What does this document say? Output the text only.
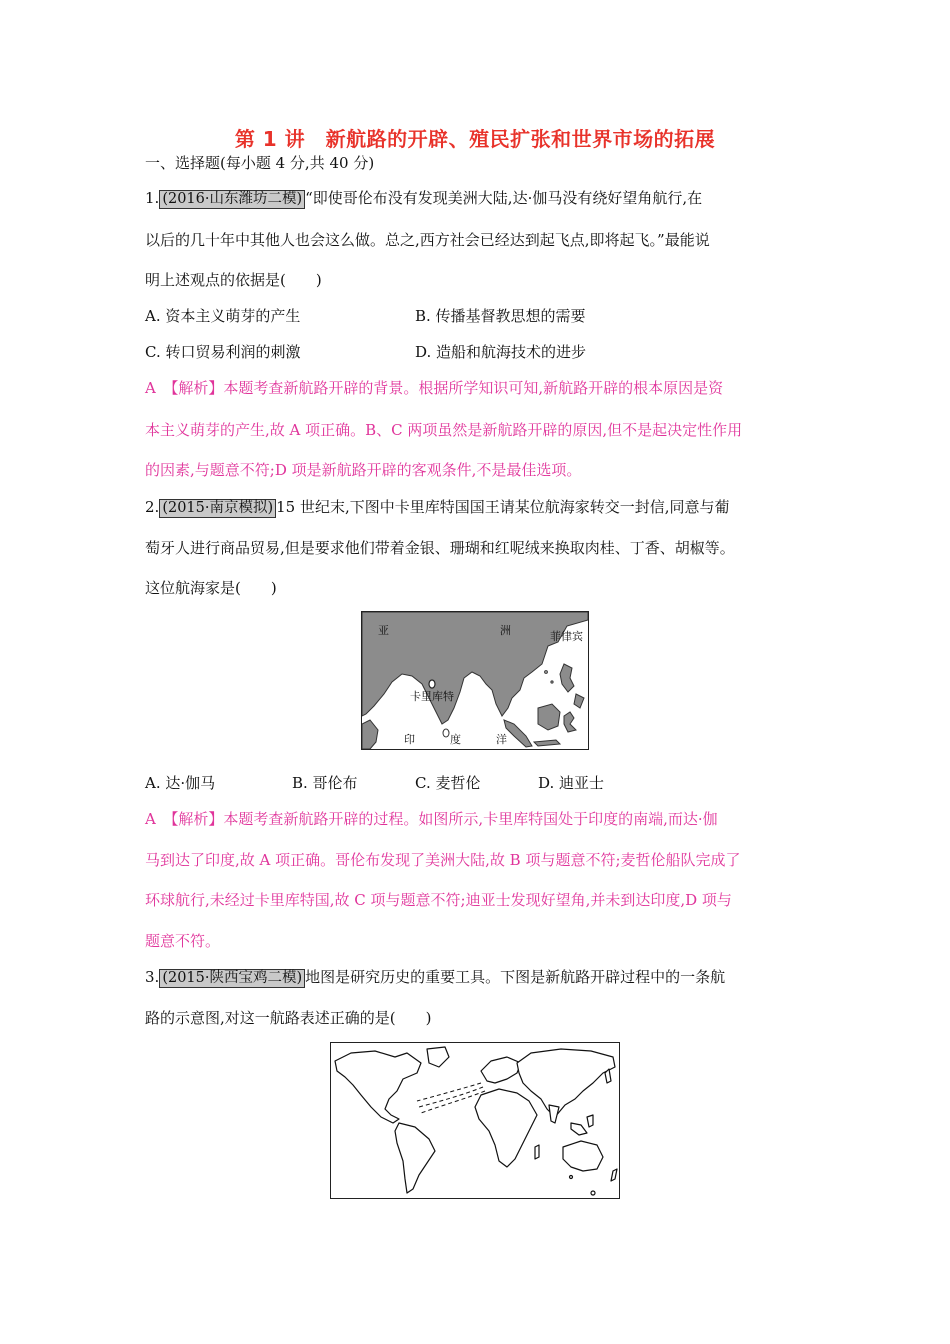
第 1 讲　新航路的开辟、殖民扩张和世界市场的拓展
一、选择题(每小题 4 分,共 40 分)
1. (2016·山东潍坊二模) “即使哥伦布没有发现美洲大陆,达·伽马没有绕好望角航行,在
以后的几十年中其他人也会这么做。总之,西方社会已经达到起飞点,即将起飞。”最能说
明上述观点的依据是(　　)
A. 资本主义萌芽的产生	B. 传播基督教思想的需要
C. 转口贸易利润的刺激	D. 造船和航海技术的进步
A　【解析】本题考查新航路开辟的背景。根据所学知识可知,新航路开辟的根本原因是资
本主义萌芽的产生,故 A 项正确。B、C 两项虽然是新航路开辟的原因,但不是起决定性作用
的因素,与题意不符;D 项是新航路开辟的客观条件,不是最佳选项。
2. (2015·南京模拟) 15 世纪末,下图中卡里库特国国王请某位航海家转交一封信,同意与葡
萄牙人进行商品贸易,但是要求他们带着金银、珊瑚和红呢绒来换取肉桂、丁香、胡椒等。
这位航海家是(　　)
亚	洲	菲律宾
卡里库特
印	度	洋
A. 达·伽马	B. 哥伦布	C. 麦哲伦	D. 迪亚士
A　【解析】本题考查新航路开辟的过程。如图所示,卡里库特国处于印度的南端,而达·伽
马到达了印度,故 A 项正确。哥伦布发现了美洲大陆,故 B 项与题意不符;麦哲伦船队完成了
环球航行,未经过卡里库特国,故 C 项与题意不符;迪亚士发现好望角,并未到达印度,D 项与
题意不符。
3. (2015·陕西宝鸡二模) 地图是研究历史的重要工具。下图是新航路开辟过程中的一条航
路的示意图,对这一航路表述正确的是(　　)
